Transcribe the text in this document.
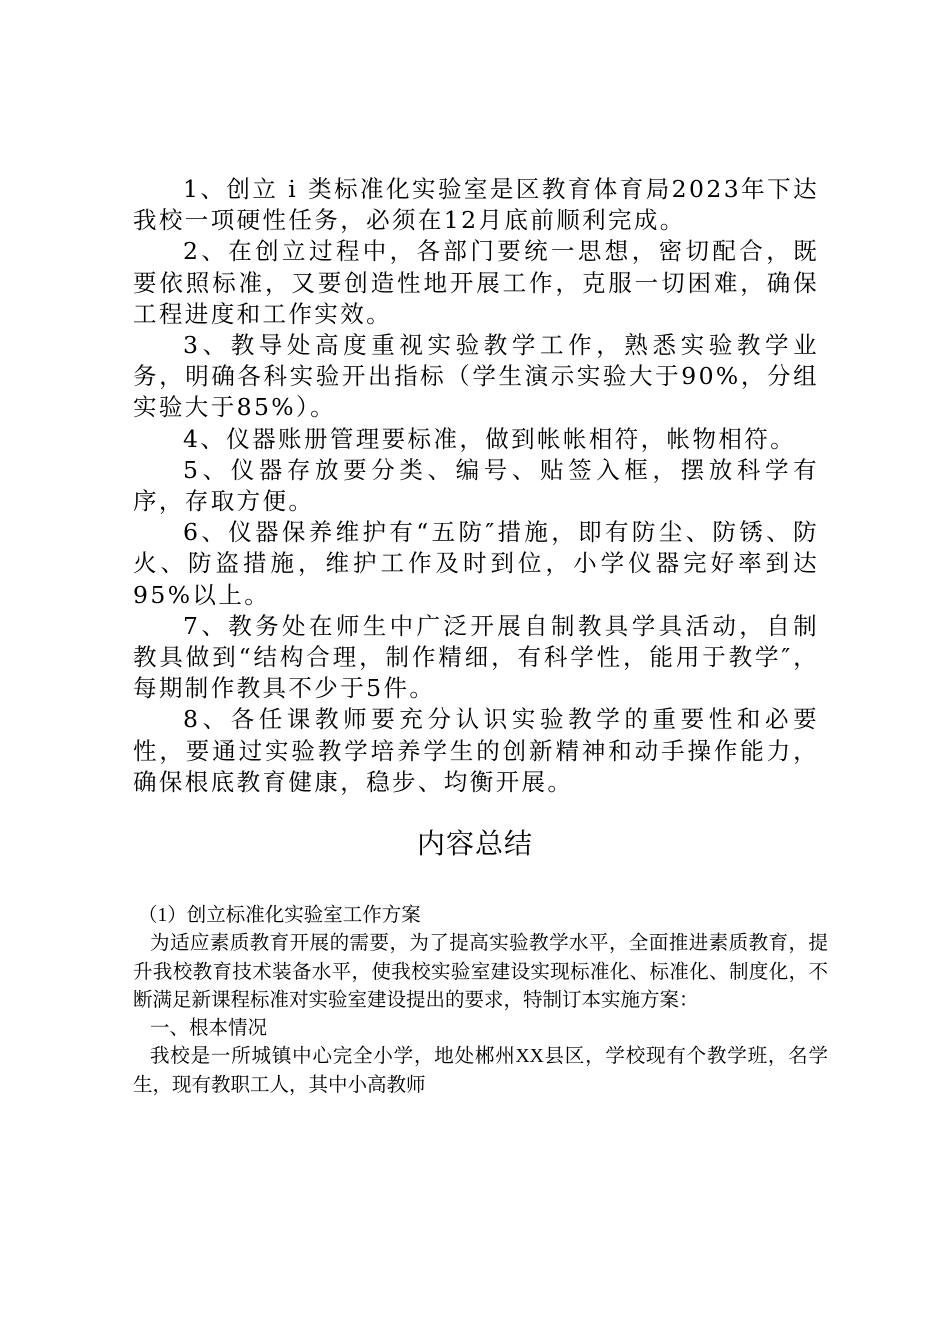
1、创立 i 类标准化实验室是区教育体育局2023年下达我校一项硬性任务，必须在12月底前顺利完成。

2、在创立过程中，各部门要统一思想，密切配合，既要依照标准，又要创造性地开展工作，克服一切困难，确保工程进度和工作实效。

3、教导处高度重视实验教学工作，熟悉实验教学业务，明确各科实验开出指标（学生演示实验大于90%，分组实验大于85%）。

4、仪器账册管理要标准，做到帐帐相符，帐物相符。

5、仪器存放要分类、编号、贴签入框，摆放科学有序，存取方便。

6、仪器保养维护有“五防″措施，即有防尘、防锈、防火、防盗措施，维护工作及时到位，小学仪器完好率到达95%以上。

7、教务处在师生中广泛开展自制教具学具活动，自制教具做到“结构合理，制作精细，有科学性，能用于教学″，每期制作教具不少于5件。

8、各任课教师要充分认识实验教学的重要性和必要性，要通过实验教学培养学生的创新精神和动手操作能力，确保根底教育健康，稳步、均衡开展。

内容总结

（1）创立标准化实验室工作方案

为适应素质教育开展的需要，为了提高实验教学水平，全面推进素质教育，提升我校教育技术装备水平，使我校实验室建设实现标准化、标准化、制度化，不断满足新课程标准对实验室建设提出的要求，特制订本实施方案：

一、根本情况

我校是一所城镇中心完全小学，地处郴州XX县区，学校现有个教学班，名学生，现有教职工人，其中小高教师
